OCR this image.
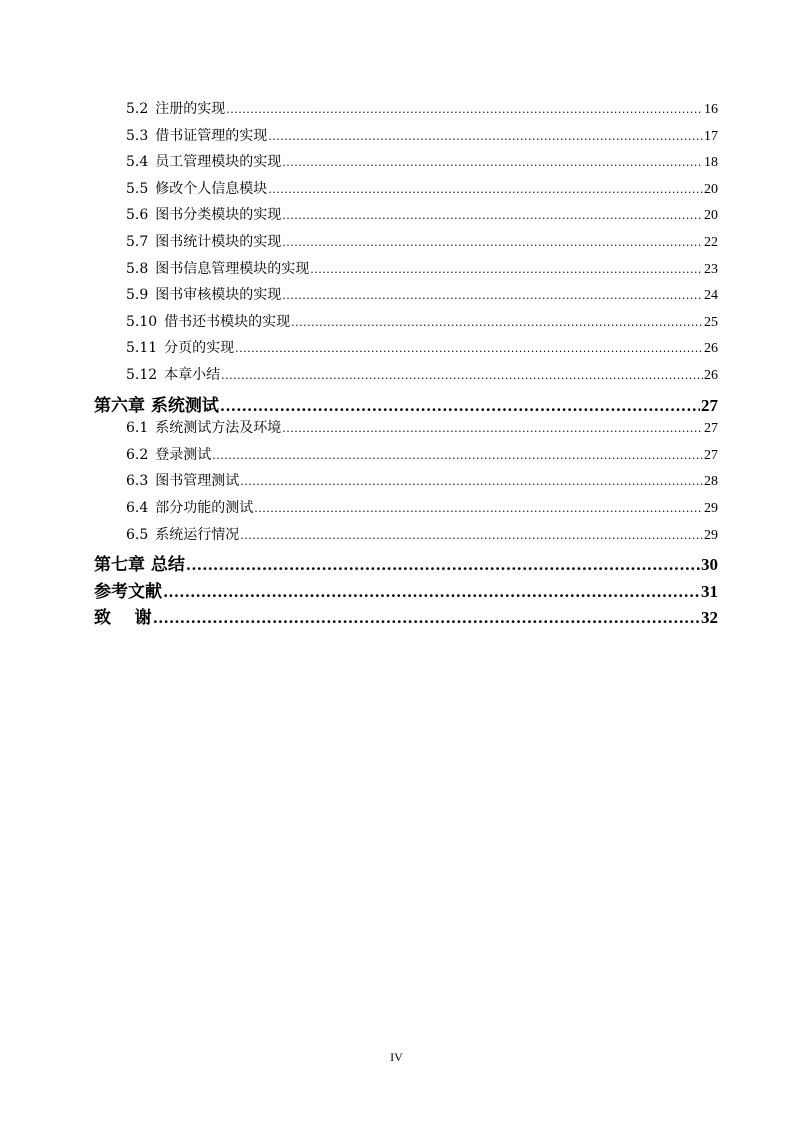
5.2 注册的实现 .....	16
5.3 借书证管理的实现 .....	17
5.4 员工管理模块的实现 .....	18
5.5 修改个人信息模块 .....	20
5.6 图书分类模块的实现 .....	20
5.7 图书统计模块的实现 .....	22
5.8 图书信息管理模块的实现 .....	23
5.9 图书审核模块的实现 .....	24
5.10 借书还书模块的实现 .....	25
5.11 分页的实现 .....	26
5.12 本章小结 .....	26
第六章 系统测试 .....	27
6.1 系统测试方法及环境 .....	27
6.2 登录测试 .....	27
6.3 图书管理测试 .....	28
6.4 部分功能的测试 .....	29
6.5 系统运行情况 .....	29
第七章 总结 .....	30
参考文献 .....	31
致    谢 .....	32
IV
